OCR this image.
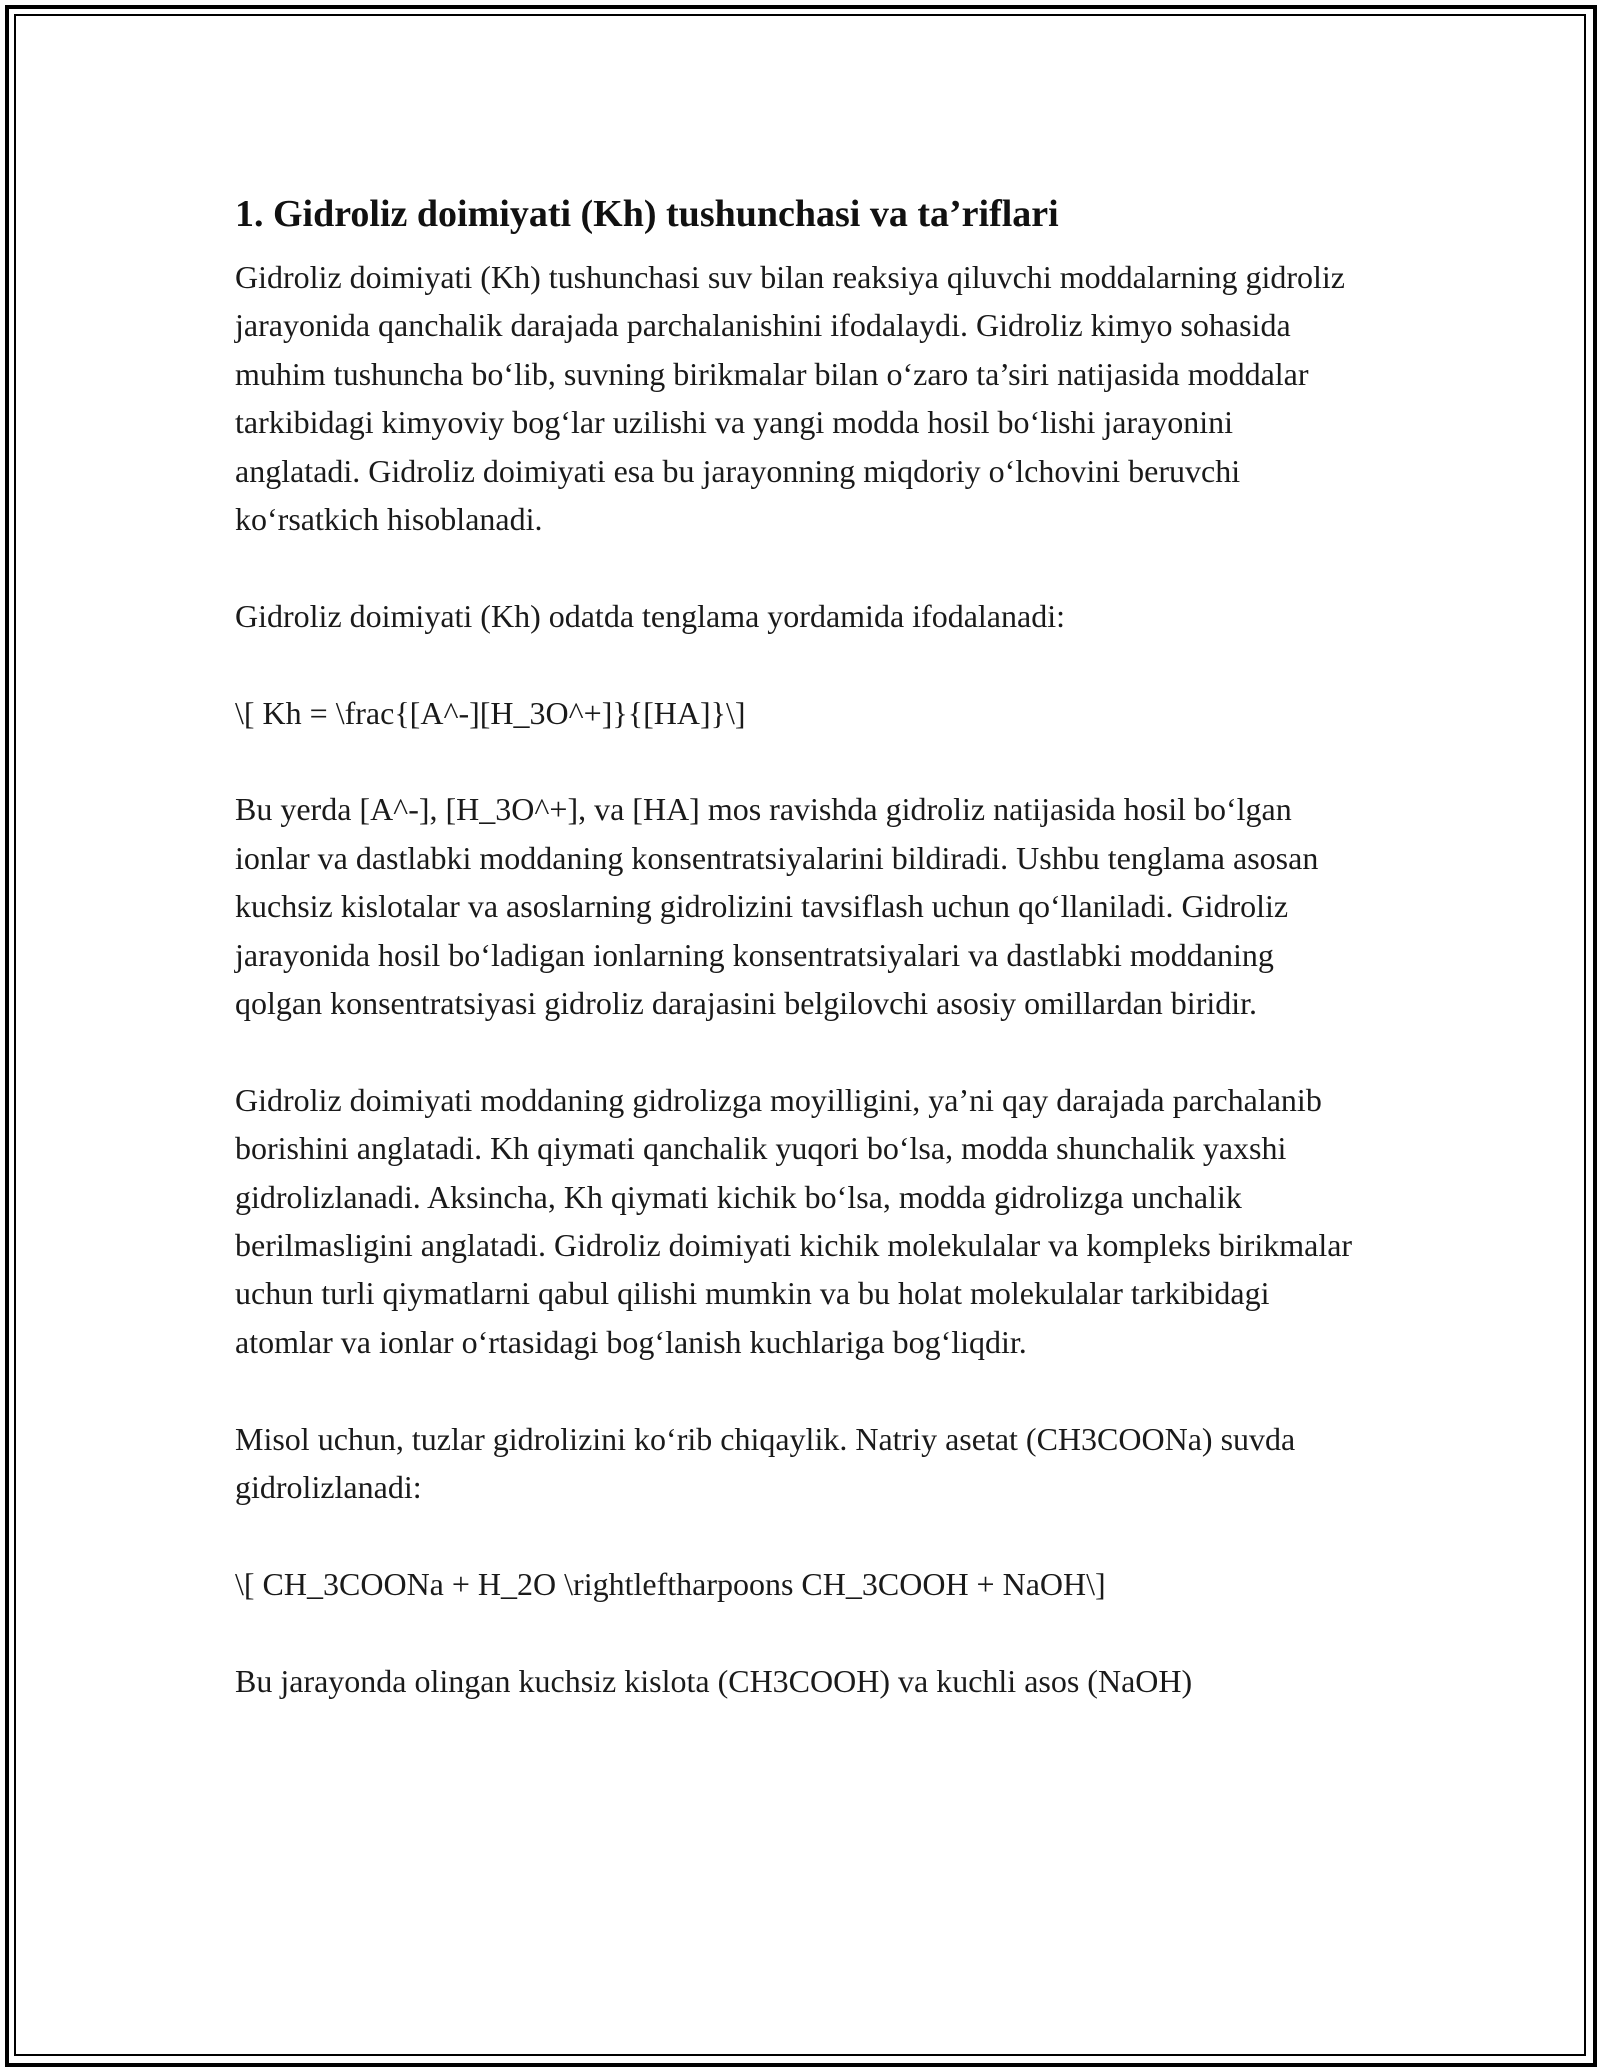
1. Gidroliz doimiyati (Kh) tushunchasi va ta’riflari

Gidroliz doimiyati (Kh) tushunchasi suv bilan reaksiya qiluvchi moddalarning gidroliz jarayonida qanchalik darajada parchalanishini ifodalaydi. Gidroliz kimyo sohasida muhim tushuncha bo‘lib, suvning birikmalar bilan o‘zaro ta’siri natijasida moddalar tarkibidagi kimyoviy bog‘lar uzilishi va yangi modda hosil bo‘lishi jarayonini anglatadi. Gidroliz doimiyati esa bu jarayonning miqdoriy o‘lchovini beruvchi ko‘rsatkich hisoblanadi.

Gidroliz doimiyati (Kh) odatda tenglama yordamida ifodalanadi:

\[ Kh = \frac{[A^-][H_3O^+]}{[HA]}\]

Bu yerda [A^-], [H_3O^+], va [HA] mos ravishda gidroliz natijasida hosil bo‘lgan ionlar va dastlabki moddaning konsentratsiyalarini bildiradi. Ushbu tenglama asosan kuchsiz kislotalar va asoslarning gidrolizini tavsiflash uchun qo‘llaniladi. Gidroliz jarayonida hosil bo‘ladigan ionlarning konsentratsiyalari va dastlabki moddaning qolgan konsentratsiyasi gidroliz darajasini belgilovchi asosiy omillardan biridir.

Gidroliz doimiyati moddaning gidrolizga moyilligini, ya’ni qay darajada parchalanib borishini anglatadi. Kh qiymati qanchalik yuqori bo‘lsa, modda shunchalik yaxshi gidrolizlanadi. Aksincha, Kh qiymati kichik bo‘lsa, modda gidrolizga unchalik berilmasligini anglatadi. Gidroliz doimiyati kichik molekulalar va kompleks birikmalar uchun turli qiymatlarni qabul qilishi mumkin va bu holat molekulalar tarkibidagi atomlar va ionlar o‘rtasidagi bog‘lanish kuchlariga bog‘liqdir.

Misol uchun, tuzlar gidrolizini ko‘rib chiqaylik. Natriy asetat (CH3COONa) suvda gidrolizlanadi:

\[ CH_3COONa + H_2O \rightleftharpoons CH_3COOH + NaOH\]

Bu jarayonda olingan kuchsiz kislota (CH3COOH) va kuchli asos (NaOH)
